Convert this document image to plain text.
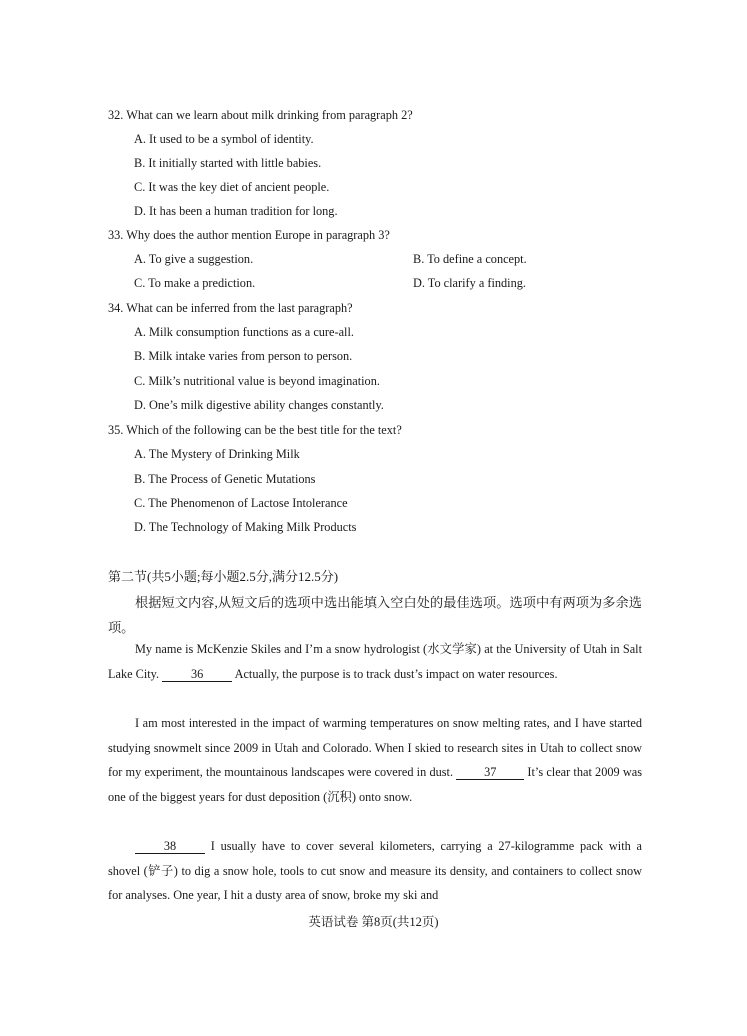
32. What can we learn about milk drinking from paragraph 2?
A. It used to be a symbol of identity.
B. It initially started with little babies.
C. It was the key diet of ancient people.
D. It has been a human tradition for long.
33. Why does the author mention Europe in paragraph 3?
A. To give a suggestion.	B. To define a concept.
C. To make a prediction.	D. To clarify a finding.
34. What can be inferred from the last paragraph?
A. Milk consumption functions as a cure-all.
B. Milk intake varies from person to person.
C. Milk’s nutritional value is beyond imagination.
D. One’s milk digestive ability changes constantly.
35. Which of the following can be the best title for the text?
A. The Mystery of Drinking Milk
B. The Process of Genetic Mutations
C. The Phenomenon of Lactose Intolerance
D. The Technology of Making Milk Products
第二节(共5小题;每小题2.5分,满分12.5分)
根据短文内容,从短文后的选项中选出能填入空白处的最佳选项。选项中有两项为多余选项。
My name is McKenzie Skiles and I’m a snow hydrologist (水文学家) at the University of Utah in Salt Lake City. 36 Actually, the purpose is to track dust’s impact on water resources.
I am most interested in the impact of warming temperatures on snow melting rates, and I have started studying snowmelt since 2009 in Utah and Colorado. When I skied to research sites in Utah to collect snow for my experiment, the mountainous landscapes were covered in dust. 37 It’s clear that 2009 was one of the biggest years for dust deposition (沉积) onto snow.
38 I usually have to cover several kilometers, carrying a 27-kilogramme pack with a shovel (铲子) to dig a snow hole, tools to cut snow and measure its density, and containers to collect snow for analyses. One year, I hit a dusty area of snow, broke my ski and
英语试卷 第8页(共12页)
